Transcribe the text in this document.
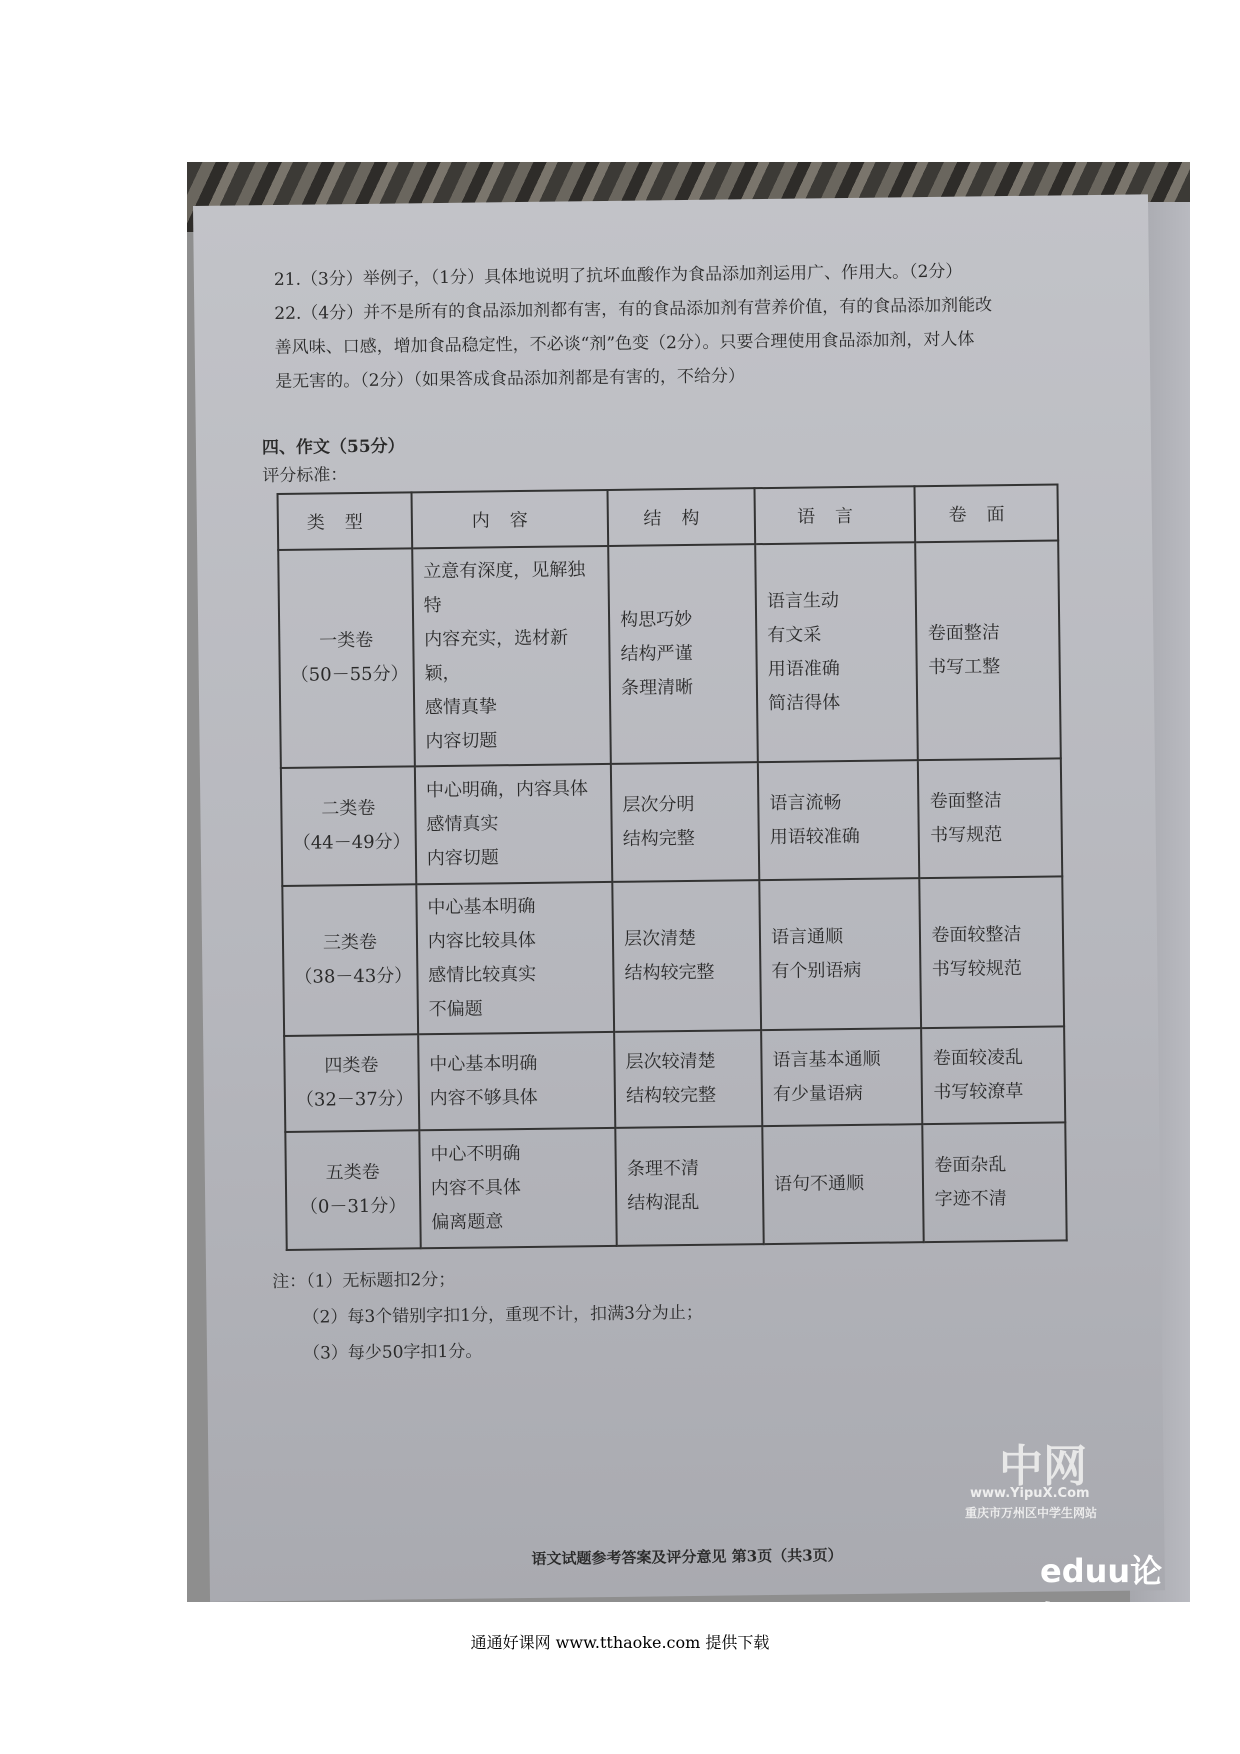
21.（3分）举例子，（1分）具体地说明了抗坏血酸作为食品添加剂运用广、作用大。（2分）
22.（4分）并不是所有的食品添加剂都有害，有的食品添加剂有营养价值，有的食品添加剂能改
善风味、口感，增加食品稳定性，不必谈“剂”色变（2分）。只要合理使用食品添加剂，对人体
是无害的。（2分）（如果答成食品添加剂都是有害的，不给分）
四、作文（55分）
评分标准：
类型	内容	结构	语言	卷面

一类卷
（50－55分）	立意有深度，见解独特
内容充实，选材新颖，
感情真挚
内容切题	构思巧妙
结构严谨
条理清晰	语言生动
有文采
用语准确
简洁得体	卷面整洁
书写工整

二类卷
（44－49分）	中心明确，内容具体
感情真实
内容切题	层次分明
结构完整	语言流畅
用语较准确	卷面整洁
书写规范

三类卷
（38－43分）	中心基本明确
内容比较具体
感情比较真实
不偏题	层次清楚
结构较完整	语言通顺
有个别语病	卷面较整洁
书写较规范

四类卷
（32－37分）	中心基本明确
内容不够具体	层次较清楚
结构较完整	语言基本通顺
有少量语病	卷面较凌乱
书写较潦草

五类卷
（0－31分）	中心不明确
内容不具体
偏离题意	条理不清
结构混乱	语句不通顺	卷面杂乱
字迹不清
注：（1）无标题扣2分；
（2）每3个错别字扣1分，重现不计，扣满3分为止；
（3）每少50字扣1分。
语文试题参考答案及评分意见 第3页（共3页）
中网
www.YipuX.Com
重庆市万州区中学生网站
eduu论坛
通通好课网 www.tthaoke.com 提供下载
